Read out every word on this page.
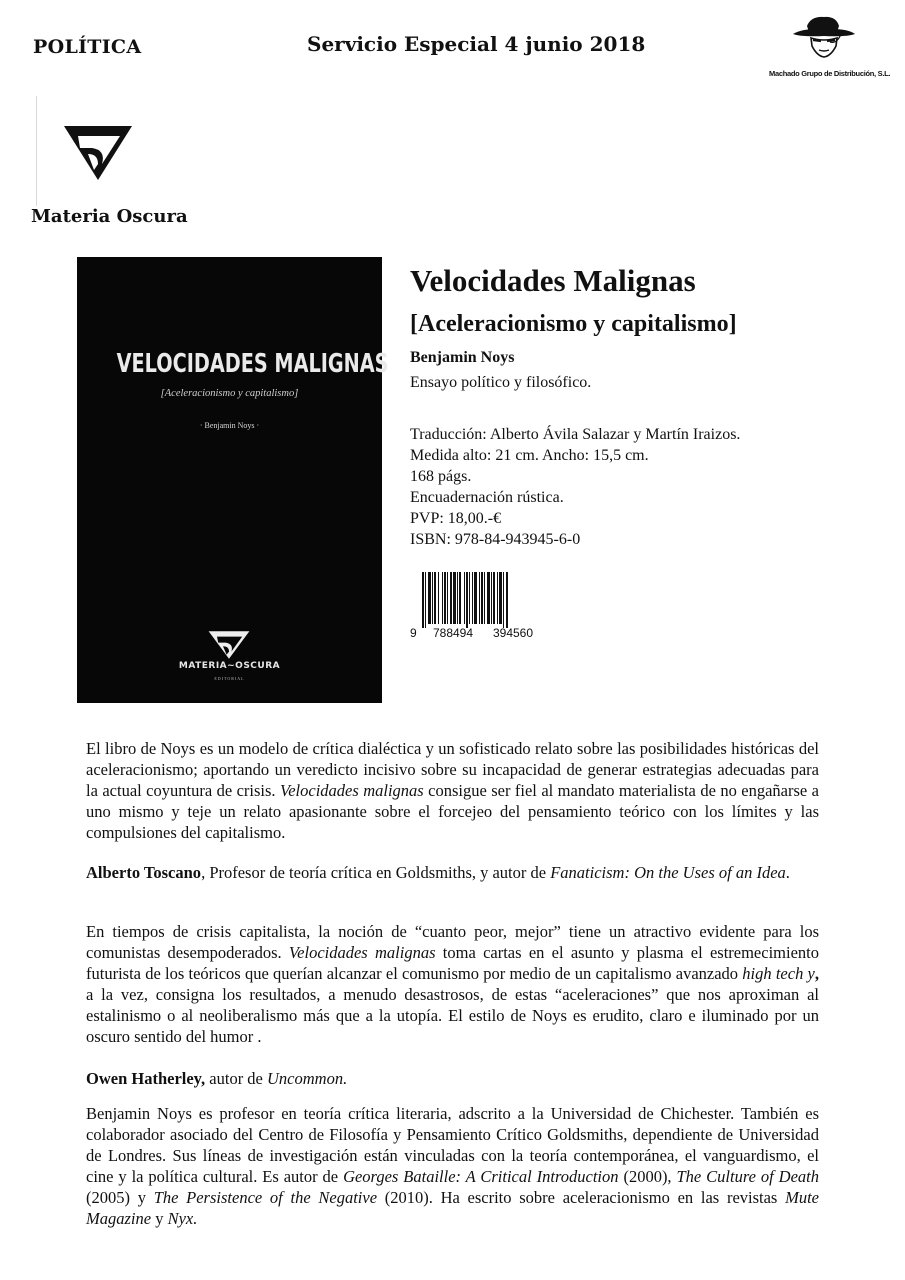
POLÍTICA	Servicio Especial 4 junio 2018
Machado Grupo de Distribución, S.L.
Materia Oscura
VELOCIDADES MALIGNAS
[Aceleracionismo y capitalismo]
· Benjamin Noys ·
MATERIA~OSCURA
EDITORIAL
Velocidades Malignas
[Aceleracionismo y capitalismo]
Benjamin Noys
Ensayo político y filosófico.
Traducción: Alberto Ávila Salazar y Martín Iraizos.
Medida alto: 21 cm. Ancho: 15,5 cm.
168 págs.
Encuadernación rústica.
PVP: 18,00.-€
ISBN: 978-84-943945-6-0
9 788494 394560

El libro de Noys es un modelo de crítica dialéctica y un sofisticado relato sobre las posibilidades históricas del aceleracionismo; aportando un veredicto incisivo sobre su incapacidad de generar estrategias adecuadas para la actual coyuntura de crisis. Velocidades malignas consigue ser fiel al mandato materialista de no engañarse a uno mismo y teje un relato apasionante sobre el forcejeo del pensamiento teórico con los límites y las compulsiones del capitalismo.

Alberto Toscano, Profesor de teoría crítica en Goldsmiths, y autor de Fanaticism: On the Uses of an Idea.

En tiempos de crisis capitalista, la noción de “cuanto peor, mejor” tiene un atractivo evidente para los comunistas desempoderados. Velocidades malignas toma cartas en el asunto y plasma el estremecimiento futurista de los teóricos que querían alcanzar el comunismo por medio de un capitalismo avanzado high tech y, a la vez, consigna los resultados, a menudo desastrosos, de estas “aceleraciones” que nos aproximan al estalinismo o al neoliberalismo más que a la utopía. El estilo de Noys es erudito, claro e iluminado por un oscuro sentido del humor .

Owen Hatherley, autor de Uncommon.

Benjamin Noys es profesor en teoría crítica literaria, adscrito a la Universidad de Chichester. También es colaborador asociado del Centro de Filosofía y Pensamiento Crítico Goldsmiths, dependiente de Universidad de Londres. Sus líneas de investigación están vinculadas con la teoría contemporánea, el vanguardismo, el cine y la política cultural. Es autor de Georges Bataille: A Critical Introduction (2000), The Culture of Death (2005) y The Persistence of the Negative (2010). Ha escrito sobre aceleracionismo en las revistas Mute Magazine y Nyx.
